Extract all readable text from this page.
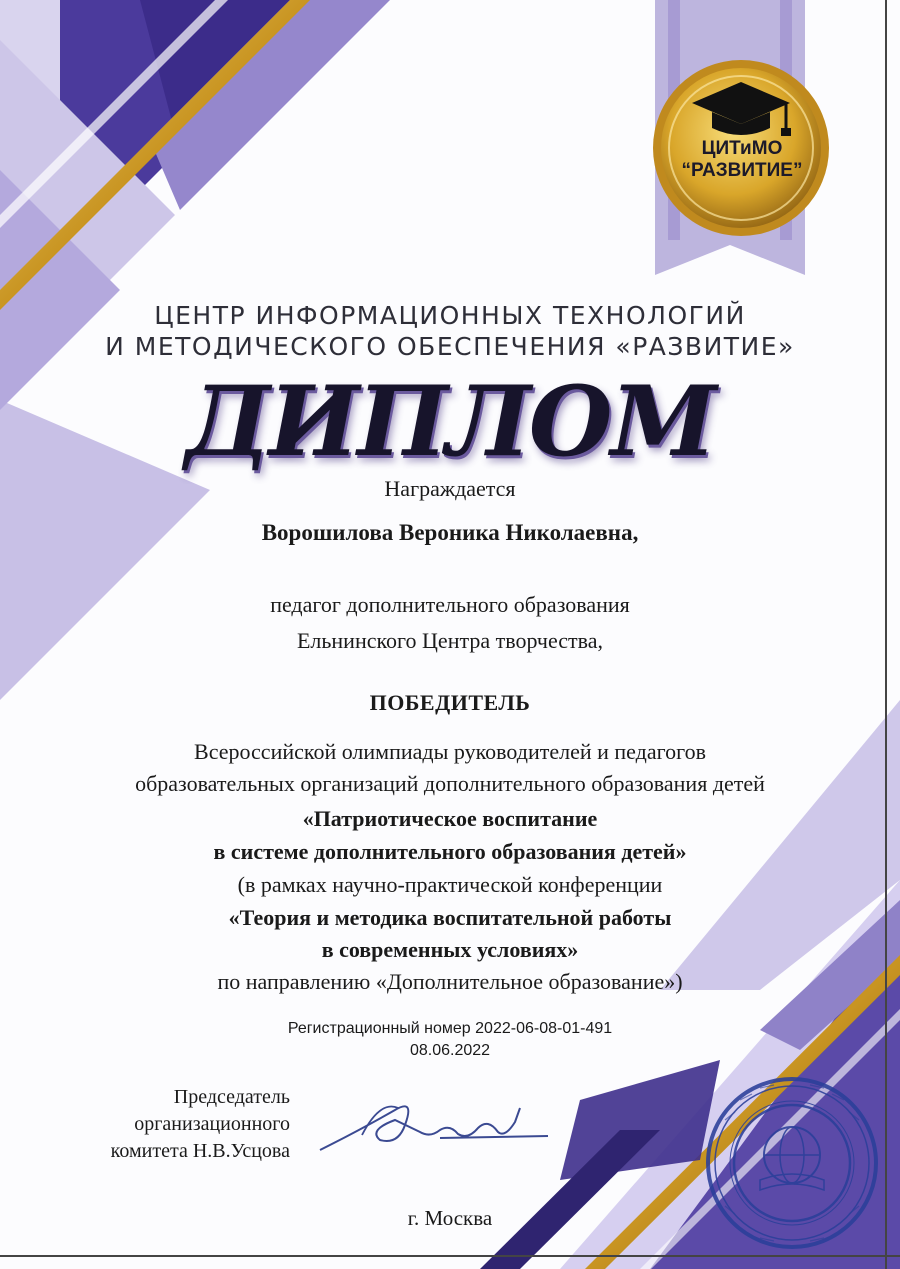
ЦИТиМО
“РАЗВИТИЕ”
ЦЕНТР ИНФОРМАЦИОННЫХ ТЕХНОЛОГИЙ
И МЕТОДИЧЕСКОГО ОБЕСПЕЧЕНИЯ «РАЗВИТИЕ»
ДИПЛОМ
Награждается
Ворошилова Вероника Николаевна,
педагог дополнительного образования
Ельнинского Центра творчества,
ПОБЕДИТЕЛЬ
Всероссийской олимпиады руководителей и педагогов
образовательных организаций дополнительного образования детей
«Патриотическое воспитание
в системе дополнительного образования детей»
(в рамках научно-практической конференции
«Теория и методика воспитательной работы
в современных условиях»
по направлению «Дополнительное образование»)
Регистрационный номер 2022-06-08-01-491
08.06.2022
Председатель
организационного
комитета Н.В.Усцова
г. Москва
